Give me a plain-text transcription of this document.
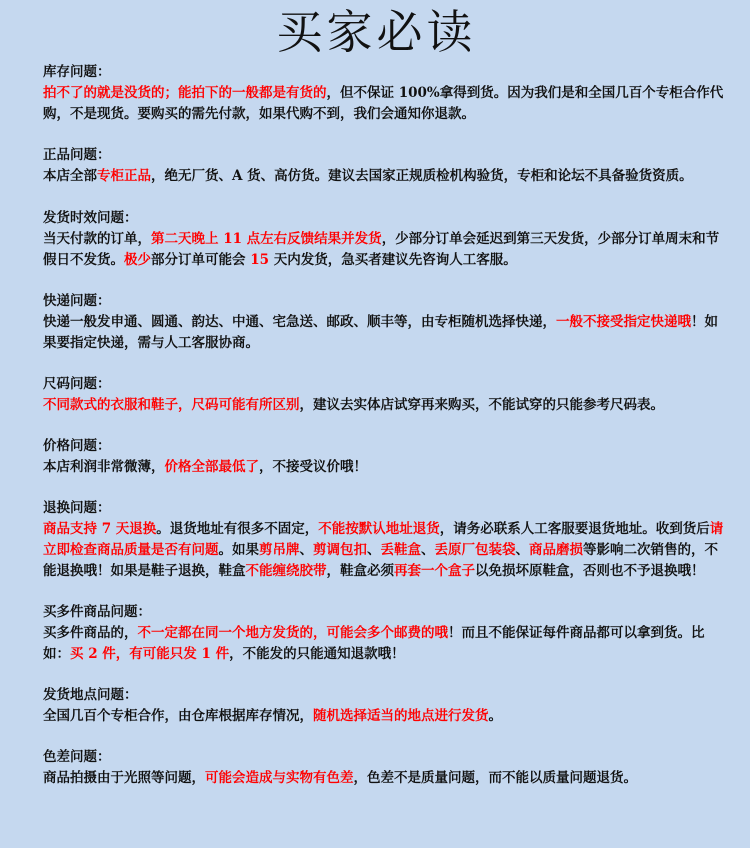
买家必读
库存问题：
拍不了的就是没货的；能拍下的一般都是有货的，但不保证 100%拿得到货。因为我们是和全国几百个专柜合作代购，不是现货。要购买的需先付款，如果代购不到，我们会通知你退款。
正品问题：
本店全部专柜正品，绝无厂货、A 货、高仿货。建议去国家正规质检机构验货，专柜和论坛不具备验货资质。
发货时效问题：
当天付款的订单，第二天晚上 11 点左右反馈结果并发货，少部分订单会延迟到第三天发货，少部分订单周末和节假日不发货。极少部分订单可能会 15 天内发货，急买者建议先咨询人工客服。
快递问题：
快递一般发申通、圆通、韵达、中通、宅急送、邮政、顺丰等，由专柜随机选择快递，一般不接受指定快递哦！如果要指定快递，需与人工客服协商。
尺码问题：
不同款式的衣服和鞋子，尺码可能有所区别，建议去实体店试穿再来购买，不能试穿的只能参考尺码表。
价格问题：
本店利润非常微薄，价格全部最低了，不接受议价哦！
退换问题：
商品支持 7 天退换。退货地址有很多不固定，不能按默认地址退货，请务必联系人工客服要退货地址。收到货后请立即检查商品质量是否有问题。如果剪吊牌、剪调包扣、丢鞋盒、丢原厂包装袋、商品磨损等影响二次销售的，不能退换哦！如果是鞋子退换，鞋盒不能缠绕胶带，鞋盒必须再套一个盒子以免损坏原鞋盒，否则也不予退换哦！
买多件商品问题：
买多件商品的，不一定都在同一个地方发货的，可能会多个邮费的哦！而且不能保证每件商品都可以拿到货。比如：买 2 件，有可能只发 1 件，不能发的只能通知退款哦！
发货地点问题：
全国几百个专柜合作，由仓库根据库存情况，随机选择适当的地点进行发货。
色差问题：
商品拍摄由于光照等问题，可能会造成与实物有色差，色差不是质量问题，而不能以质量问题退货。
